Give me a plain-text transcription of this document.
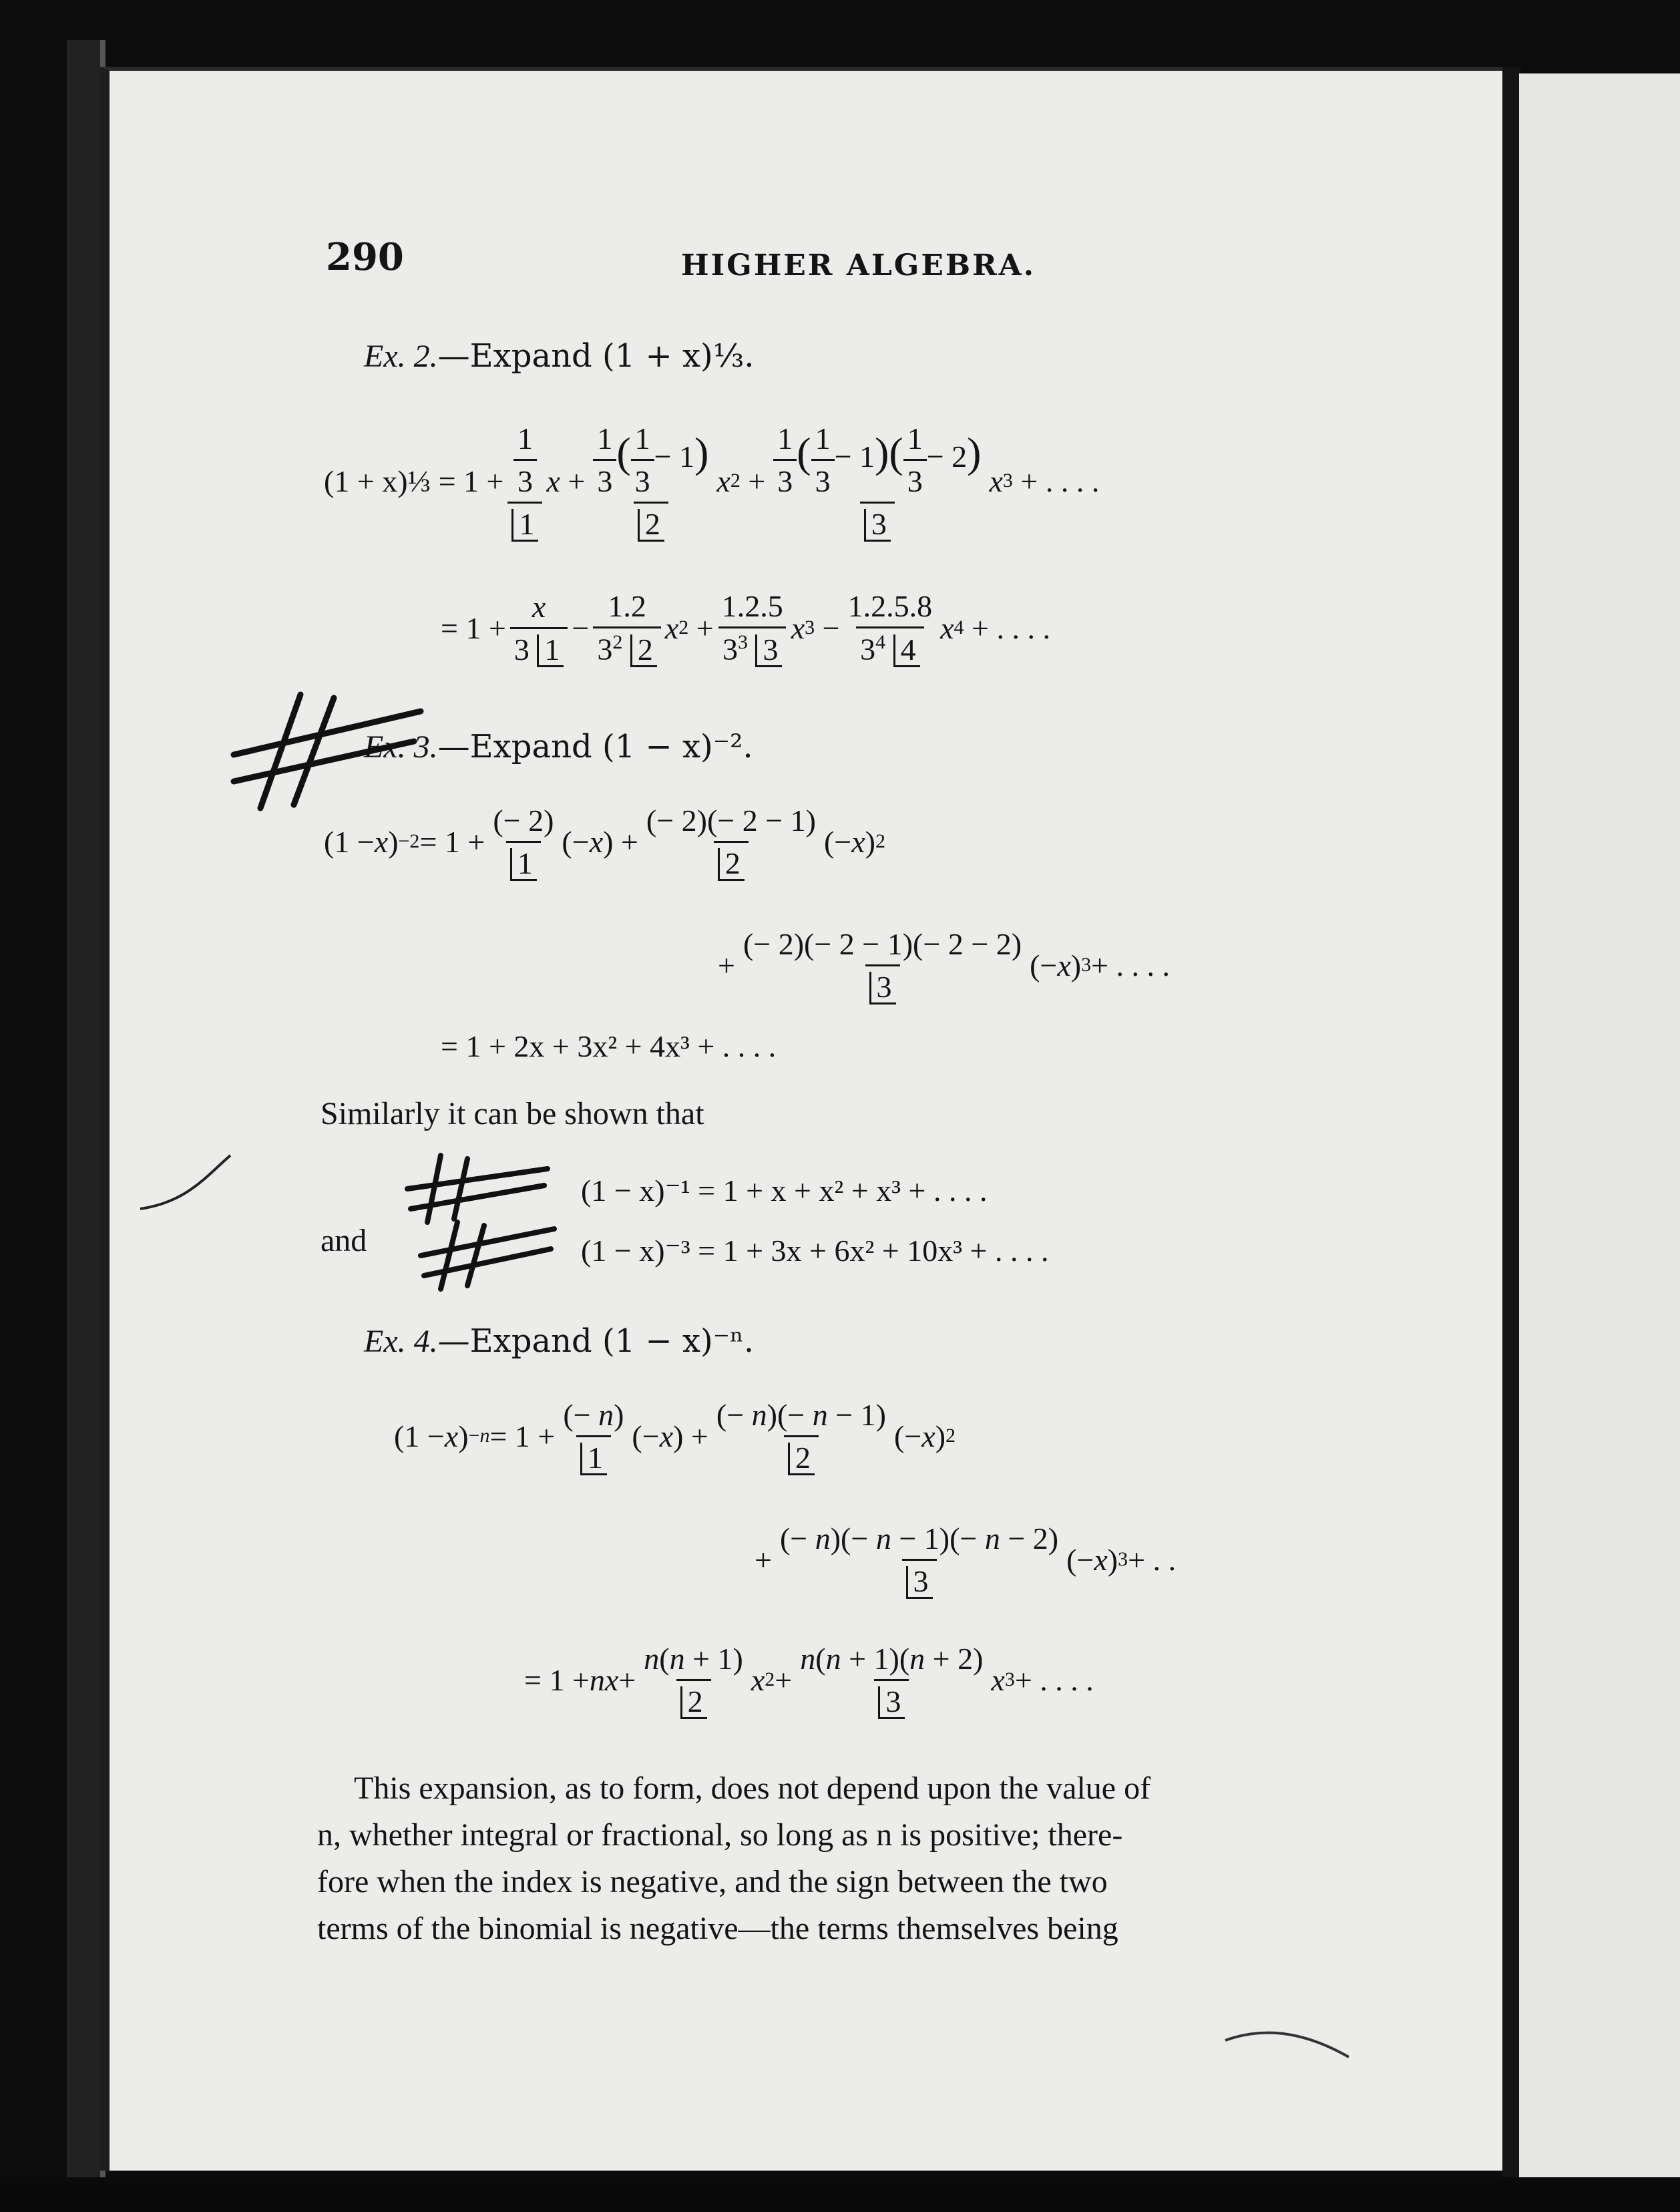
290	HIGHER ALGEBRA.
Ex. 2.—Expand (1 + x)⅓.
(1 + x)⅓ = $1 + \frac{\frac{1}{3}}{1}$ $x + \frac{\frac{1}{3} ( \frac{1}{3} - 1)}{2}$ x $2 + \frac{\frac{1}{3} ( \frac{1}{3} - 1)( \frac{1}{3} - 2)}{3}$ x 3 + . . . .
= $1 + \frac{x}{3 1} - \frac{1.2}{3^2 2}$ x $2 + \frac{1.2.5}{3^3 3}$ x $3 - \frac{1.2.5.8}{3^4 4}$ x 4 + . . . .
Ex. 3.—Expand (1 − x)⁻².
(1 − x ) $-2 = 1 + \frac{(- 2)}{1}$ (− x ) + $\frac{(- 2)(- 2 - 1)}{2}$ (− x ) 2
+ $\frac{(- 2)(- 2 - 1)(- 2 - 2)}{3}$ (− x ) 3 + . . . .
= 1 + 2x + 3x² + 4x³ + . . . .
Similarly it can be shown that
(1 − x)⁻¹ = 1 + x + x² + x³ + . . . .
and	(1 − x)⁻³ = 1 + 3x + 6x² + 10x³ + . . . .
Ex. 4.—Expand (1 − x)⁻ⁿ.
(1 − x ) $-n = 1 + \frac{(- n)}{1}$ (− x ) + $\frac{(- n)(- n - 1)}{2}$ (− x ) 2
+ $\frac{(- n)(- n - 1)(- n - 2)}{3}$ (− x ) 3 + . .
= 1 + n $x + \frac{n(n + 1)}{2}$ x $2 + \frac{n(n + 1)(n + 2)}{3}$ x 3 + . . . .
This expansion, as to form, does not depend upon the value of
n, whether integral or fractional, so long as n is positive; there-
fore when the index is negative, and the sign between the two
terms of the binomial is negative—the terms themselves being
